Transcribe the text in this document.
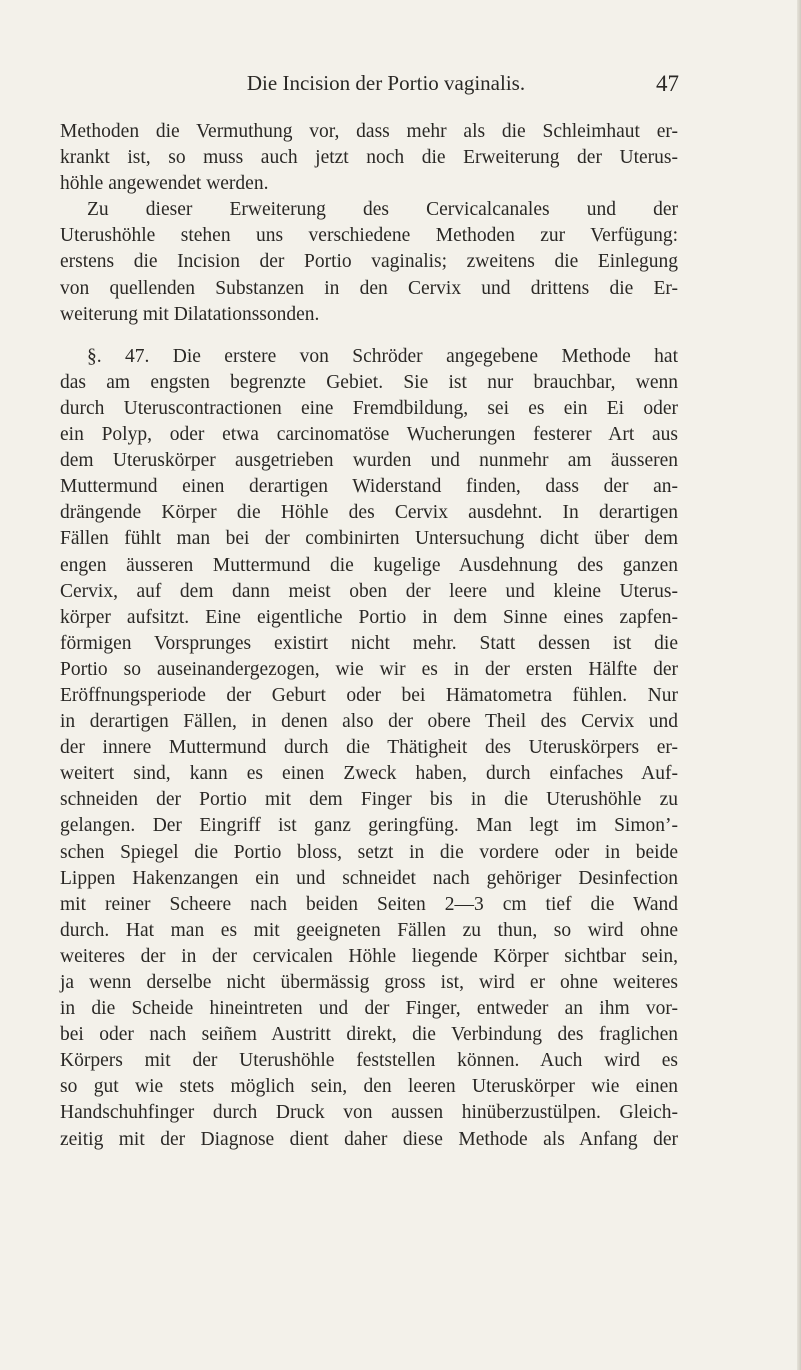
Die Incision der Portio vaginalis.	47
Methoden die Vermuthung vor, dass mehr als die Schleimhaut er-
krankt ist, so muss auch jetzt noch die Erweiterung der Uterus-
höhle angewendet werden.
Zu dieser Erweiterung des Cervicalcanales und der
Uterushöhle stehen uns verschiedene Methoden zur Verfügung:
erstens die Incision der Portio vaginalis; zweitens die Einlegung
von quellenden Substanzen in den Cervix und drittens die Er-
weiterung mit Dilatationssonden.
§. 47. Die erstere von Schröder angegebene Methode hat
das am engsten begrenzte Gebiet. Sie ist nur brauchbar, wenn
durch Uteruscontractionen eine Fremdbildung, sei es ein Ei oder
ein Polyp, oder etwa carcinomatöse Wucherungen festerer Art aus
dem Uteruskörper ausgetrieben wurden und nunmehr am äusseren
Muttermund einen derartigen Widerstand finden, dass der an-
drängende Körper die Höhle des Cervix ausdehnt. In derartigen
Fällen fühlt man bei der combinirten Untersuchung dicht über dem
engen äusseren Muttermund die kugelige Ausdehnung des ganzen
Cervix, auf dem dann meist oben der leere und kleine Uterus-
körper aufsitzt. Eine eigentliche Portio in dem Sinne eines zapfen-
förmigen Vorsprunges existirt nicht mehr. Statt dessen ist die
Portio so auseinandergezogen, wie wir es in der ersten Hälfte der
Eröffnungsperiode der Geburt oder bei Hämatometra fühlen. Nur
in derartigen Fällen, in denen also der obere Theil des Cervix und
der innere Muttermund durch die Thätigheit des Uteruskörpers er-
weitert sind, kann es einen Zweck haben, durch einfaches Auf-
schneiden der Portio mit dem Finger bis in die Uterushöhle zu
gelangen. Der Eingriff ist ganz geringfüng. Man legt im Simon’-
schen Spiegel die Portio bloss, setzt in die vordere oder in beide
Lippen Hakenzangen ein und schneidet nach gehöriger Desinfection
mit reiner Scheere nach beiden Seiten 2—3 cm tief die Wand
durch. Hat man es mit geeigneten Fällen zu thun, so wird ohne
weiteres der in der cervicalen Höhle liegende Körper sichtbar sein,
ja wenn derselbe nicht übermässig gross ist, wird er ohne weiteres
in die Scheide hineintreten und der Finger, entweder an ihm vor-
bei oder nach seiñem Austritt direkt, die Verbindung des fraglichen
Körpers mit der Uterushöhle feststellen können. Auch wird es
so gut wie stets möglich sein, den leeren Uteruskörper wie einen
Handschuhfinger durch Druck von aussen hinüberzustülpen. Gleich-
zeitig mit der Diagnose dient daher diese Methode als Anfang der
